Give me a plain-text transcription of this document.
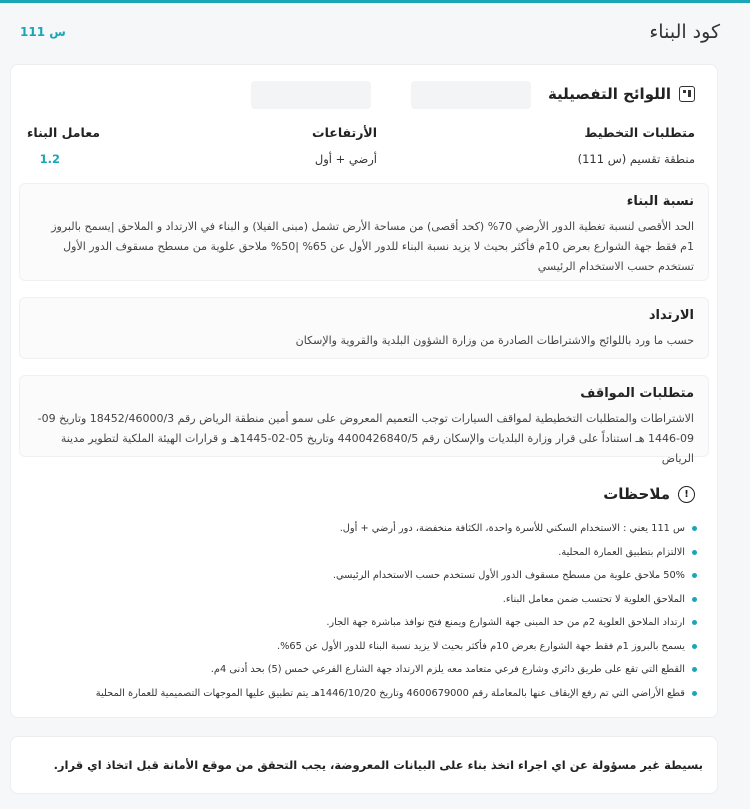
كود البناء
س 111
اللوائح التفصيلية
متطلبات التخطيط
منطقة تقسيم (س 111)
الأرتفاعات
أرضي + أول
معامل البناء
1.2
نسبة البناء
الحد الأقصى لنسبة تغطية الدور الأرضي 70% (كحد أقصى) من مساحة الأرض تشمل (مبنى الفيلا) و البناء في الارتداد و الملاحق |يسمح بالبروز 1م فقط جهة الشوارع بعرض 10م فأكثر بحيث لا يزيد نسبة البناء للدور الأول عن 65% |50% ملاحق علوية من مسطح مسقوف الدور الأول تستخدم حسب الاستخدام الرئيسي
الارتداد
حسب ما ورد باللوائح والاشتراطات الصادرة من وزارة الشؤون البلدية والقروية والإسكان
متطلبات المواقف
الاشتراطات والمتطلبات التخطيطية لمواقف السيارات توجب التعميم المعروض على سمو أمين منطقة الرياض رقم 18452/46000/3 وتاريخ 09-09-1446 هـ استناداً على قرار وزارة البلديات والإسكان رقم 4400426840/5 وتاريخ 05-02-1445هـ و قرارات الهيئة الملكية لتطوير مدينة الرياض
!
ملاحظات
س 111 يعني : الاستخدام السكني للأسرة واحدة، الكثافة منخفضة، دور أرضي + أول.
الالتزام بتطبيق العمارة المحلية.
50% ملاحق علوية من مسطح مسقوف الدور الأول تستخدم حسب الاستخدام الرئيسي.
الملاحق العلوية لا تحتسب ضمن معامل البناء.
ارتداد الملاحق العلوية 2م من حد المبنى جهة الشوارع ويمنع فتح نوافذ مباشرة جهة الجار.
يسمح بالبروز 1م فقط جهة الشوارع بعرض 10م فأكثر بحيث لا يزيد نسبة البناء للدور الأول عن 65%.
القطع التي تقع على طريق دائري وشارع فرعي متعامد معه يلزم الارتداد جهة الشارع الفرعي خمس (5) بحد أدنى 4م.
قطع الأراضي التي تم رفع الإيقاف عنها بالمعاملة رقم 4600679000 وتاريخ 1446/10/20هـ يتم تطبيق عليها الموجهات التصميمية للعمارة المحلية
بسيطة غير مسؤولة عن اي اجراء اتخذ بناء على البيانات المعروضة، يجب التحقق من موقع الأمانة قبل اتخاذ اي قرار.
